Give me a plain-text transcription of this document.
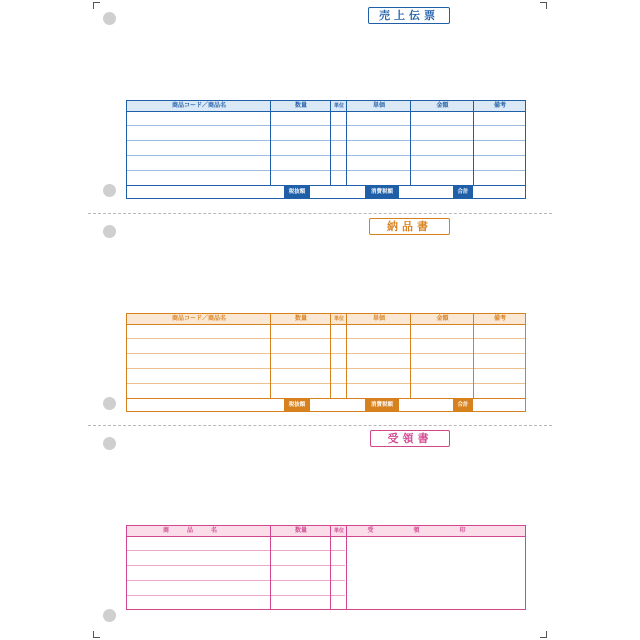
売上伝票
商品コード／商品名	数量	単位	単価	金額	備考
税抜額	消費税額	合計
納品書
商品コード／商品名	数量	単位	単価	金額	備考
税抜額	消費税額	合計
受領書
商品名	数量	単位	受領印
